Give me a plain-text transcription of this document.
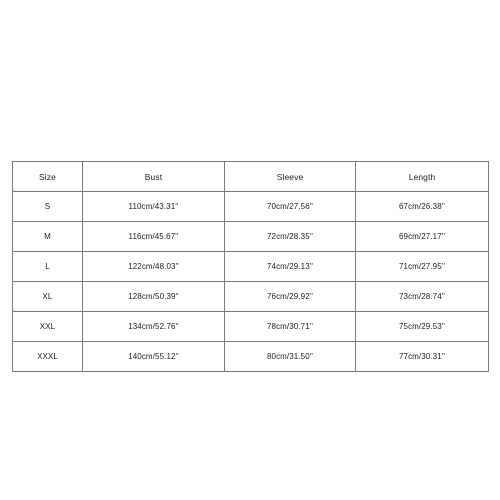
Size	Bust	Sleeve	Length
S	110cm/43.31''	70cm/27.56''	67cm/26.38''
M	116cm/45.67''	72cm/28.35''	69cm/27.17''
L	122cm/48.03''	74cm/29.13''	71cm/27.95''
XL	128cm/50.39''	76cm/29.92''	73cm/28.74''
XXL	134cm/52.76''	78cm/30.71''	75cm/29.53''
XXXL	140cm/55.12''	80cm/31.50''	77cm/30.31''
